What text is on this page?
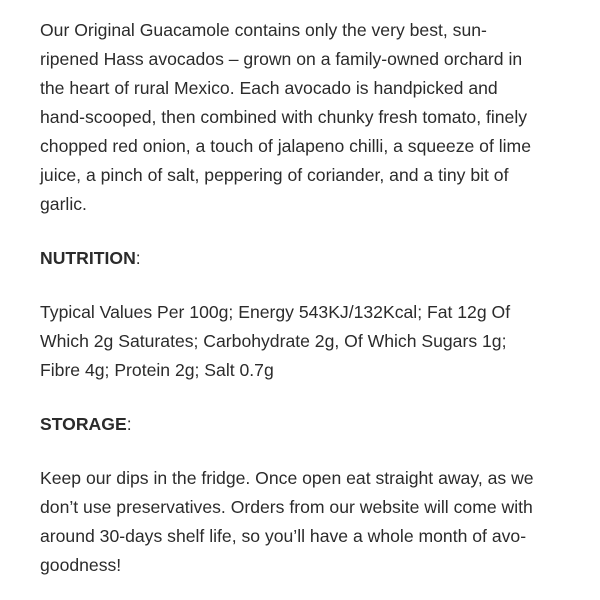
Our Original Guacamole contains only the very best, sun-ripened Hass avocados – grown on a family-owned orchard in the heart of rural Mexico. Each avocado is handpicked and hand-scooped, then combined with chunky fresh tomato, finely chopped red onion, a touch of jalapeno chilli, a squeeze of lime juice, a pinch of salt, peppering of coriander, and a tiny bit of garlic.

NUTRITION:

Typical Values Per 100g; Energy 543KJ/132Kcal; Fat 12g Of Which 2g Saturates; Carbohydrate 2g, Of Which Sugars 1g; Fibre 4g; Protein 2g; Salt 0.7g

STORAGE:

Keep our dips in the fridge. Once open eat straight away, as we don’t use preservatives. Orders from our website will come with around 30-days shelf life, so you’ll have a whole month of avo-goodness!
